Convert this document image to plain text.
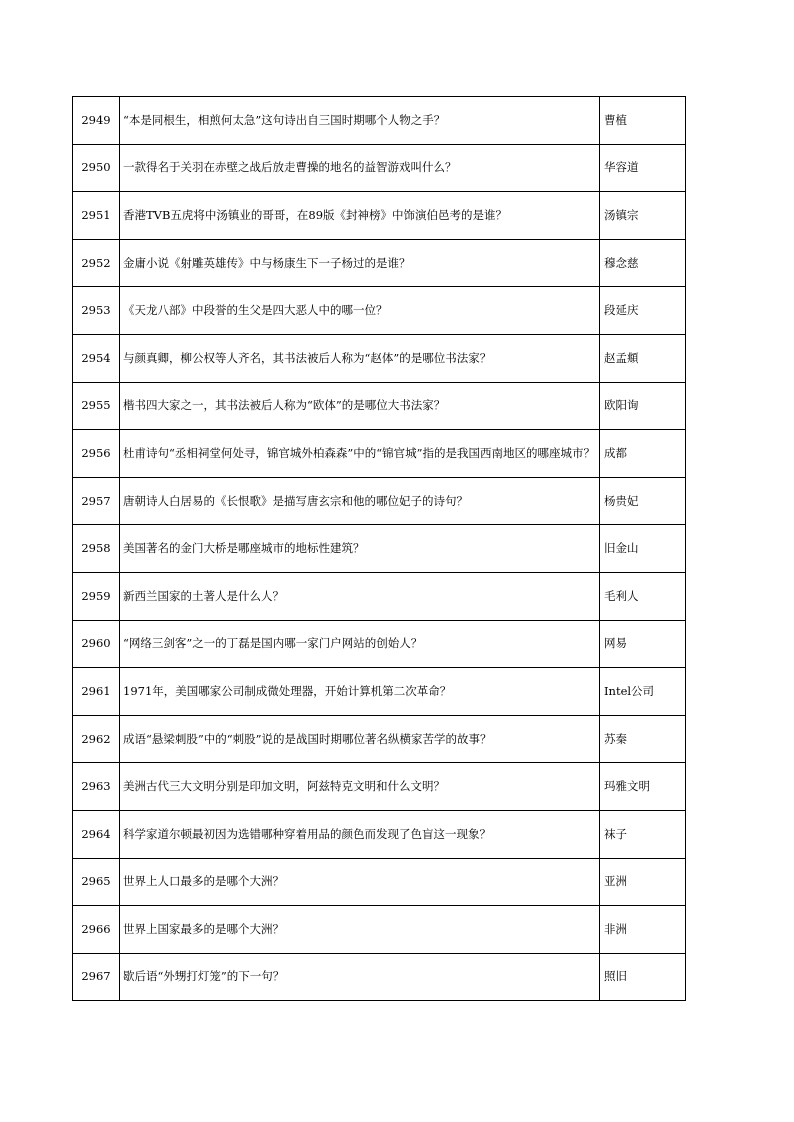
2949	“本是同根生，相煎何太急”这句诗出自三国时期哪个人物之手？	曹植
2950	一款得名于关羽在赤壁之战后放走曹操的地名的益智游戏叫什么？	华容道
2951	香港TVB五虎将中汤镇业的哥哥，在89版《封神榜》中饰演伯邑考的是谁？	汤镇宗
2952	金庸小说《射雕英雄传》中与杨康生下一子杨过的是谁？	穆念慈
2953	《天龙八部》中段誉的生父是四大恶人中的哪一位？	段延庆
2954	与颜真卿，柳公权等人齐名，其书法被后人称为“赵体”的是哪位书法家？	赵孟頫
2955	楷书四大家之一，其书法被后人称为“欧体”的是哪位大书法家？	欧阳询
2956	杜甫诗句“丞相祠堂何处寻，锦官城外柏森森”中的“锦官城”指的是我国西南地区的哪座城市？	成都
2957	唐朝诗人白居易的《长恨歌》是描写唐玄宗和他的哪位妃子的诗句？	杨贵妃
2958	美国著名的金门大桥是哪座城市的地标性建筑？	旧金山
2959	新西兰国家的土著人是什么人？	毛利人
2960	“网络三剑客”之一的丁磊是国内哪一家门户网站的创始人？	网易
2961	1971年，美国哪家公司制成微处理器，开始计算机第二次革命？	Intel公司
2962	成语“悬梁刺股”中的“刺股”说的是战国时期哪位著名纵横家苦学的故事？	苏秦
2963	美洲古代三大文明分别是印加文明，阿兹特克文明和什么文明？	玛雅文明
2964	科学家道尔顿最初因为选错哪种穿着用品的颜色而发现了色盲这一现象？	袜子
2965	世界上人口最多的是哪个大洲？	亚洲
2966	世界上国家最多的是哪个大洲？	非洲
2967	歇后语“外甥打灯笼”的下一句？	照旧
